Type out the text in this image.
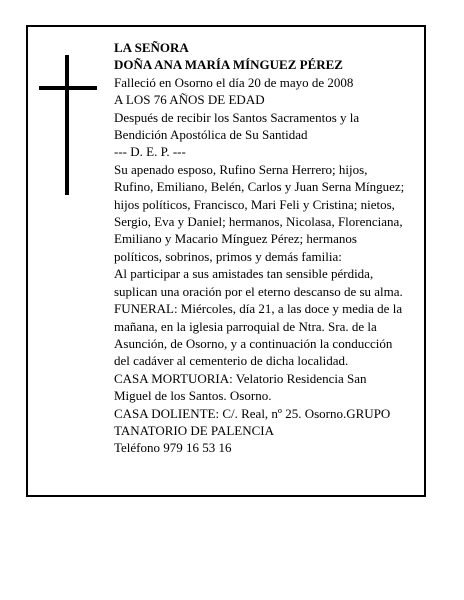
LA SEÑORA
DOÑA ANA MARÍA MÍNGUEZ PÉREZ
Falleció en Osorno el día 20 de mayo de 2008
A LOS 76 AÑOS DE EDAD
Después de recibir los Santos Sacramentos y la
Bendición Apostólica de Su Santidad
--- D. E. P. ---
Su apenado esposo, Rufino Serna Herrero; hijos,
Rufino, Emiliano, Belén, Carlos y Juan Serna Mínguez;
hijos políticos, Francisco, Mari Feli y Cristina; nietos,
Sergio, Eva y Daniel; hermanos, Nicolasa, Florenciana,
Emiliano y Macario Mínguez Pérez; hermanos
políticos, sobrinos, primos y demás familia:
Al participar a sus amistades tan sensible pérdida,
suplican una oración por el eterno descanso de su alma.
FUNERAL: Miércoles, día 21, a las doce y media de la
mañana, en la iglesia parroquial de Ntra. Sra. de la
Asunción, de Osorno, y a continuación la conducción
del cadáver al cementerio de dicha localidad.
CASA MORTUORIA: Velatorio Residencia San
Miguel de los Santos. Osorno.
CASA DOLIENTE: C/. Real, nº 25. Osorno.GRUPO
TANATORIO DE PALENCIA
Teléfono 979 16 53 16
